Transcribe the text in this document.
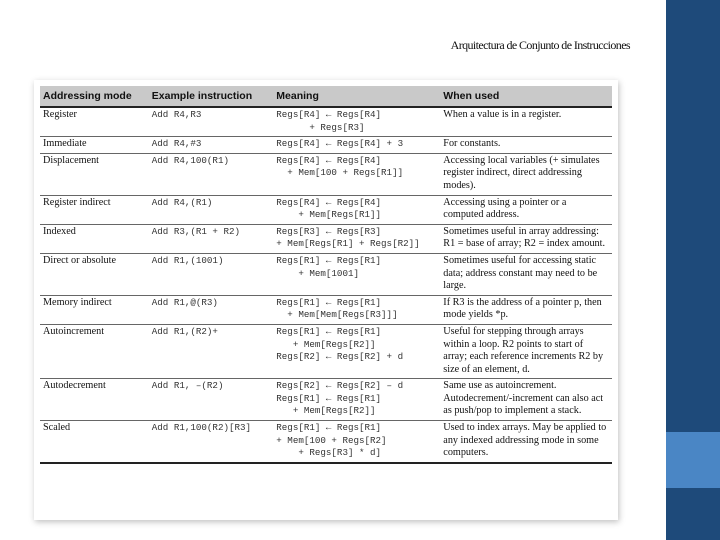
Arquitectura de Conjunto de Instrucciones
Addressing mode	Example instruction	Meaning	When used
Register	Add R4,R3	Regs[R4] ← Regs[R4]
+ Regs[R3]	When a value is in a register.
Immediate	Add R4,#3	Regs[R4] ← Regs[R4] + 3	For constants.
Displacement	Add R4,100(R1)	Regs[R4] ← Regs[R4]
+ Mem[100 + Regs[R1]]	Accessing local variables (+ simulates register indirect, direct addressing modes).
Register indirect	Add R4,(R1)	Regs[R4] ← Regs[R4]
+ Mem[Regs[R1]]	Accessing using a pointer or a computed address.
Indexed	Add R3,(R1 + R2)	Regs[R3] ← Regs[R3]
+ Mem[Regs[R1] + Regs[R2]]	Sometimes useful in array addressing: R1 = base of array; R2 = index amount.
Direct or absolute	Add R1,(1001)	Regs[R1] ← Regs[R1]
+ Mem[1001]	Sometimes useful for accessing static data; address constant may need to be large.
Memory indirect	Add R1,@(R3)	Regs[R1] ← Regs[R1]
+ Mem[Mem[Regs[R3]]]	If R3 is the address of a pointer p, then mode yields *p.
Autoincrement	Add R1,(R2)+	Regs[R1] ← Regs[R1]
+ Mem[Regs[R2]]
Regs[R2] ← Regs[R2] + d	Useful for stepping through arrays within a loop. R2 points to start of array; each reference increments R2 by size of an element, d.
Autodecrement	Add R1, –(R2)	Regs[R2] ← Regs[R2] – d
Regs[R1] ← Regs[R1]
+ Mem[Regs[R2]]	Same use as autoincrement. Autodecrement/-increment can also act as push/pop to implement a stack.
Scaled	Add R1,100(R2)[R3]	Regs[R1] ← Regs[R1]
+ Mem[100 + Regs[R2]
+ Regs[R3] * d]	Used to index arrays. May be applied to any indexed addressing mode in some computers.
